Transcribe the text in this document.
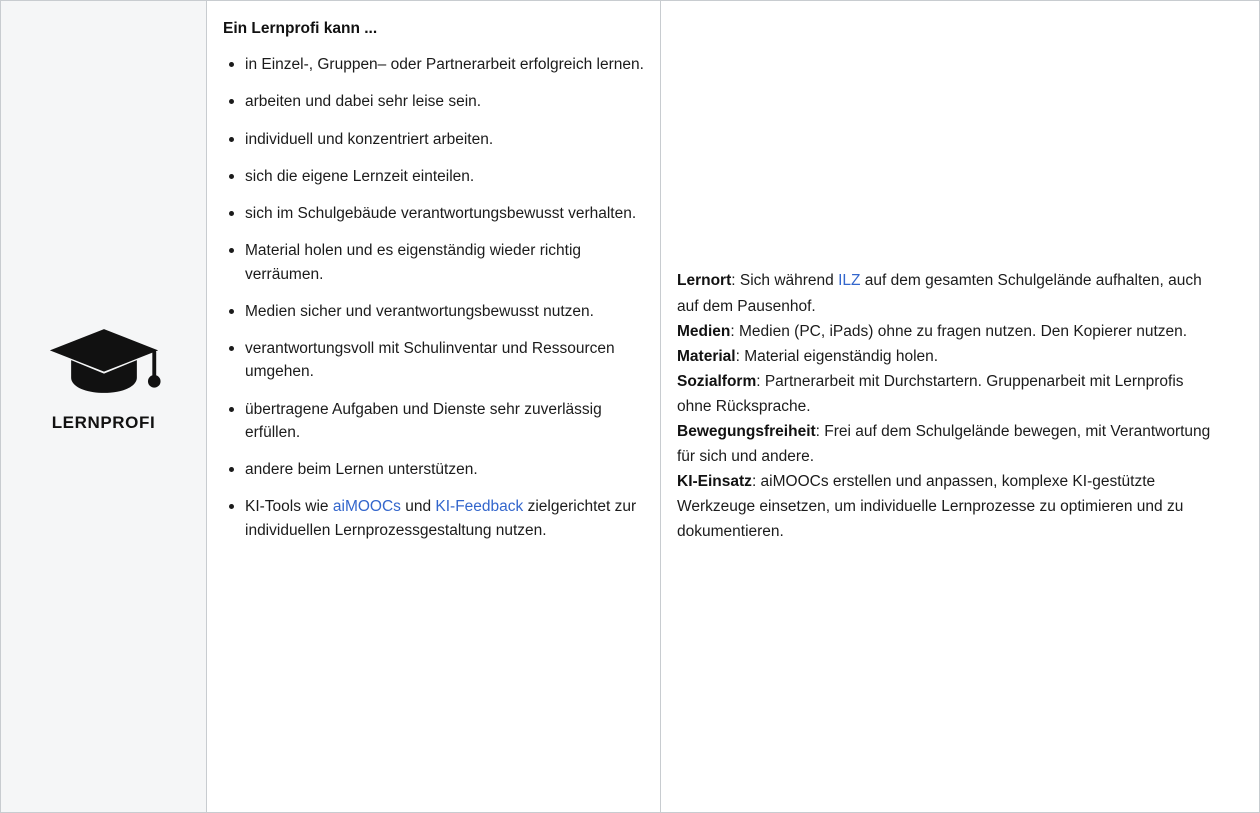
LERNPROFI
Ein Lernprofi kann ...
in Einzel-, Gruppen– oder Partnerarbeit erfolgreich lernen.
arbeiten und dabei sehr leise sein.
individuell und konzentriert arbeiten.
sich die eigene Lernzeit einteilen.
sich im Schulgebäude verantwortungsbewusst verhalten.
Material holen und es eigenständig wieder richtig verräumen.
Medien sicher und verantwortungsbewusst nutzen.
verantwortungsvoll mit Schulinventar und Ressourcen umgehen.
übertragene Aufgaben und Dienste sehr zuverlässig erfüllen.
andere beim Lernen unterstützen.
KI-Tools wie aiMOOCs und KI-Feedback zielgerichtet zur individuellen Lernprozessgestaltung nutzen.

Lernort: Sich während ILZ auf dem gesamten Schulgelände aufhalten, auch auf dem Pausenhof.

Medien: Medien (PC, iPads) ohne zu fragen nutzen. Den Kopierer nutzen.

Material: Material eigenständig holen.

Sozialform: Partnerarbeit mit Durchstartern. Gruppenarbeit mit Lernprofis ohne Rücksprache.

Bewegungsfreiheit: Frei auf dem Schulgelände bewegen, mit Verantwortung für sich und andere.

KI-Einsatz: aiMOOCs erstellen und anpassen, komplexe KI-gestützte Werkzeuge einsetzen, um individuelle Lernprozesse zu optimieren und zu dokumentieren.
